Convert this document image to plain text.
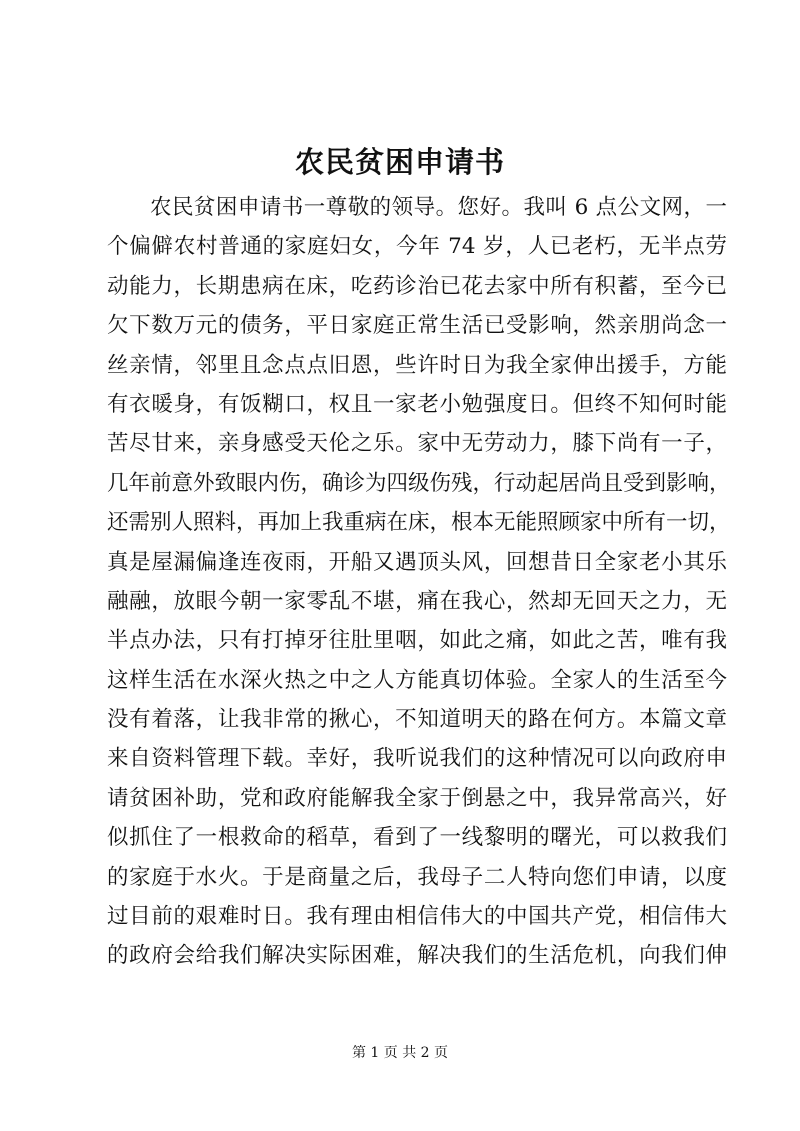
农民贫困申请书
农民贫困申请书一尊敬的领导。您好。我叫 6 点公文网，一
个偏僻农村普通的家庭妇女，今年 74 岁，人已老朽，无半点劳
动能力，长期患病在床，吃药诊治已花去家中所有积蓄，至今已
欠下数万元的债务，平日家庭正常生活已受影响，然亲朋尚念一
丝亲情，邻里且念点点旧恩，些许时日为我全家伸出援手，方能
有衣暖身，有饭糊口，权且一家老小勉强度日。但终不知何时能
苦尽甘来，亲身感受天伦之乐。家中无劳动力，膝下尚有一子，
几年前意外致眼内伤，确诊为四级伤残，行动起居尚且受到影响，
还需别人照料，再加上我重病在床，根本无能照顾家中所有一切，
真是屋漏偏逢连夜雨，开船又遇顶头风，回想昔日全家老小其乐
融融，放眼今朝一家零乱不堪，痛在我心，然却无回天之力，无
半点办法，只有打掉牙往肚里咽，如此之痛，如此之苦，唯有我
这样生活在水深火热之中之人方能真切体验。全家人的生活至今
没有着落，让我非常的揪心，不知道明天的路在何方。本篇文章
来自资料管理下载。幸好，我听说我们的这种情况可以向政府申
请贫困补助，党和政府能解我全家于倒悬之中，我异常高兴，好
似抓住了一根救命的稻草，看到了一线黎明的曙光，可以救我们
的家庭于水火。于是商量之后，我母子二人特向您们申请，以度
过目前的艰难时日。我有理由相信伟大的中国共产党，相信伟大
的政府会给我们解决实际困难，解决我们的生活危机，向我们伸
第 1 页 共 2 页
